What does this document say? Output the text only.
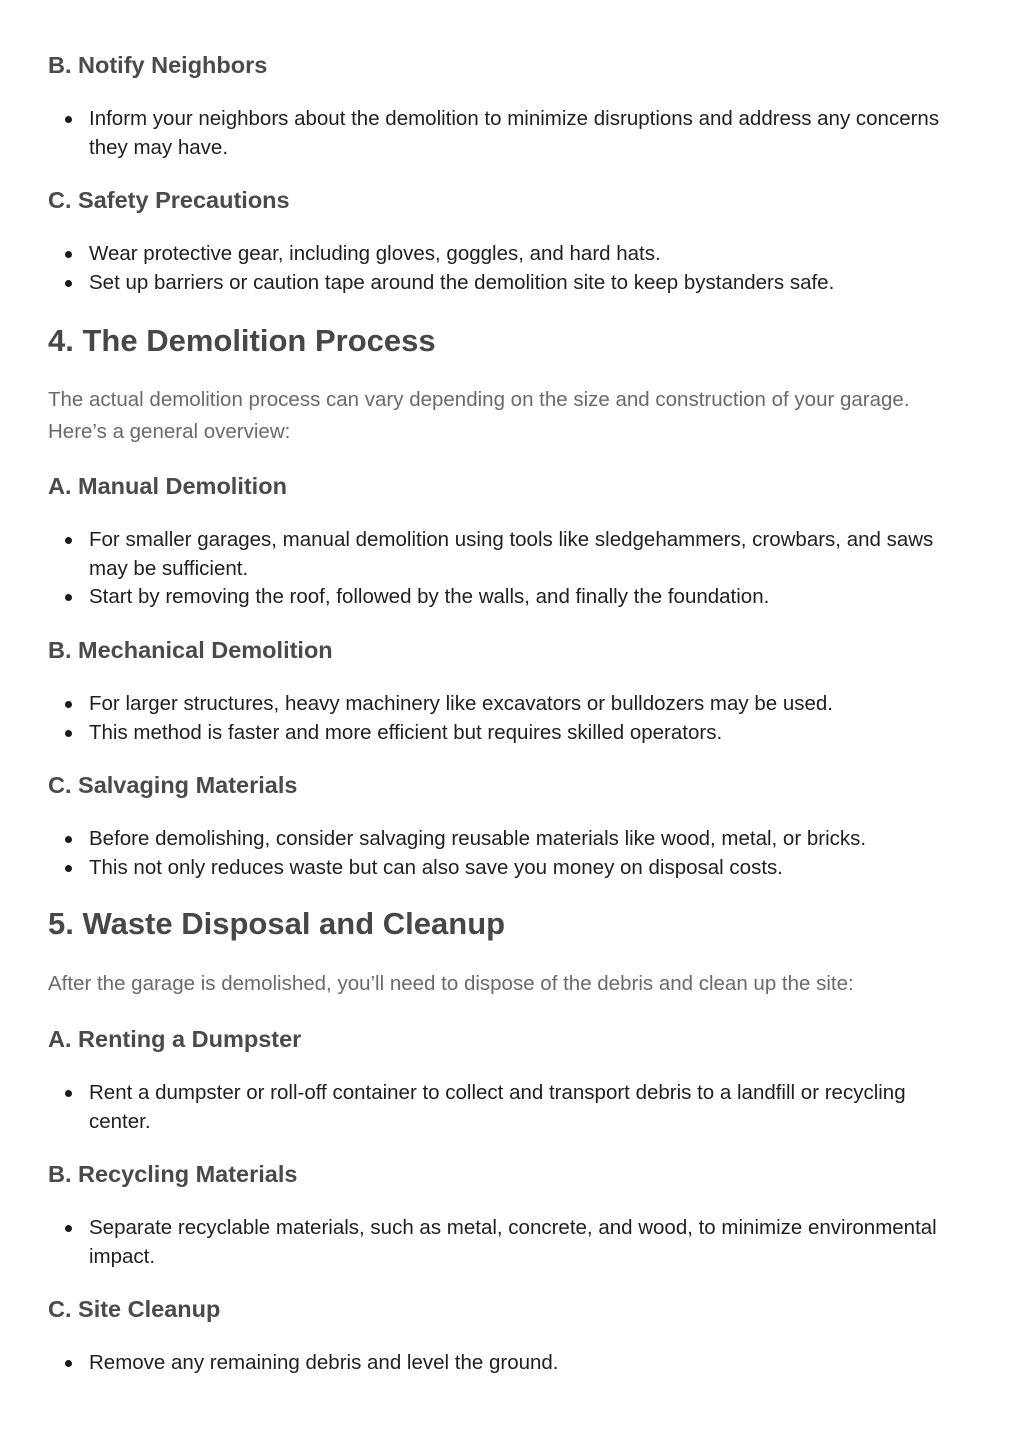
B. Notify Neighbors
Inform your neighbors about the demolition to minimize disruptions and address any concerns they may have.
C. Safety Precautions
Wear protective gear, including gloves, goggles, and hard hats.
Set up barriers or caution tape around the demolition site to keep bystanders safe.
4. The Demolition Process

The actual demolition process can vary depending on the size and construction of your garage. Here’s a general overview:

A. Manual Demolition
For smaller garages, manual demolition using tools like sledgehammers, crowbars, and saws may be sufficient.
Start by removing the roof, followed by the walls, and finally the foundation.
B. Mechanical Demolition
For larger structures, heavy machinery like excavators or bulldozers may be used.
This method is faster and more efficient but requires skilled operators.
C. Salvaging Materials
Before demolishing, consider salvaging reusable materials like wood, metal, or bricks.
This not only reduces waste but can also save you money on disposal costs.
5. Waste Disposal and Cleanup

After the garage is demolished, you’ll need to dispose of the debris and clean up the site:

A. Renting a Dumpster
Rent a dumpster or roll-off container to collect and transport debris to a landfill or recycling center.
B. Recycling Materials
Separate recyclable materials, such as metal, concrete, and wood, to minimize environmental impact.
C. Site Cleanup
Remove any remaining debris and level the ground.
